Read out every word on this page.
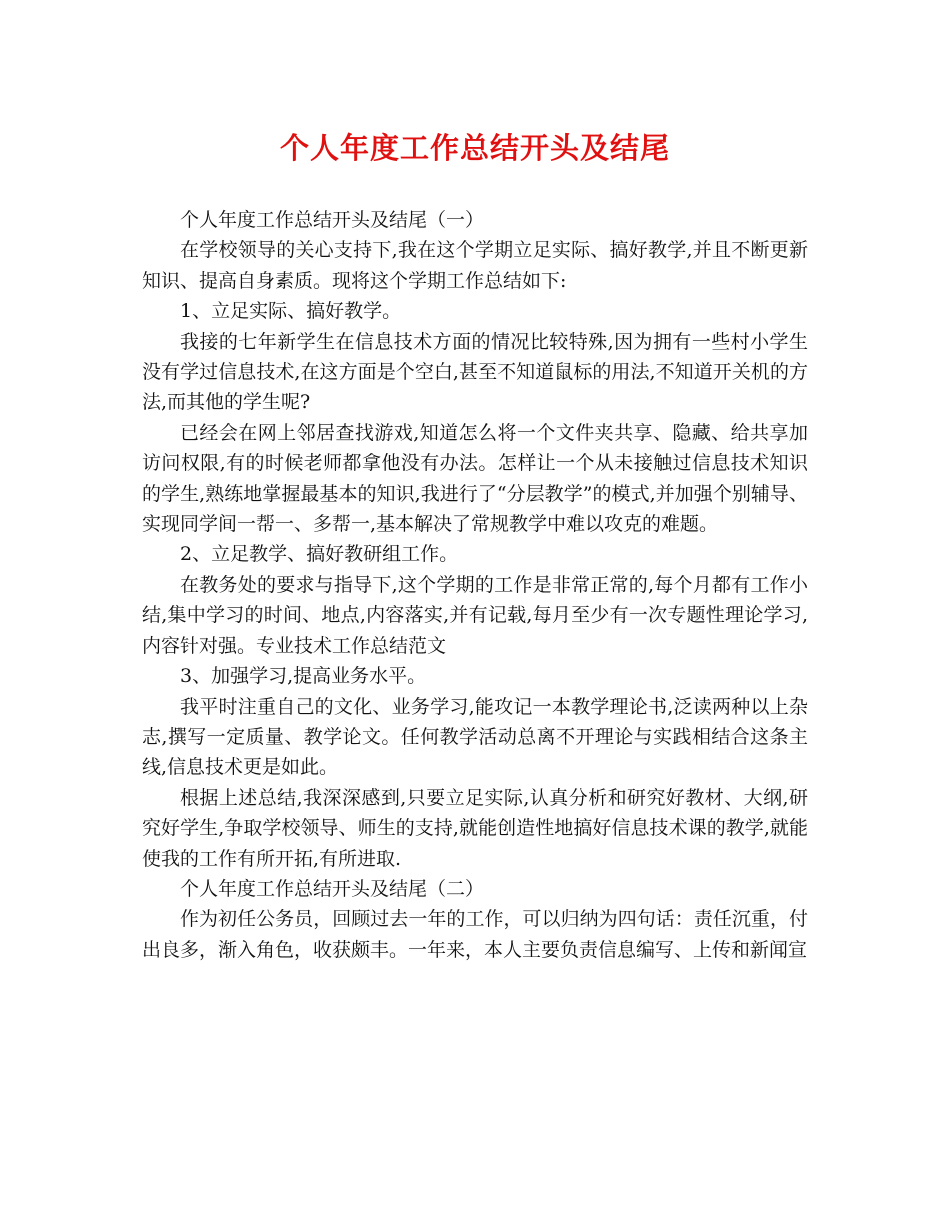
个人年度工作总结开头及结尾

个人年度工作总结开头及结尾（一）

在学校领导的关心支持下,我在这个学期立足实际、搞好教学,并且不断更新知识、提高自身素质。现将这个学期工作总结如下:

1、立足实际、搞好教学。

我接的七年新学生在信息技术方面的情况比较特殊,因为拥有一些村小学生没有学过信息技术,在这方面是个空白,甚至不知道鼠标的用法,不知道开关机的方法,而其他的学生呢?

已经会在网上邻居查找游戏,知道怎么将一个文件夹共享、隐藏、给共享加访问权限,有的时候老师都拿他没有办法。怎样让一个从未接触过信息技术知识的学生,熟练地掌握最基本的知识,我进行了“分层教学”的模式,并加强个别辅导、实现同学间一帮一、多帮一,基本解决了常规教学中难以攻克的难题。

2、立足教学、搞好教研组工作。

在教务处的要求与指导下,这个学期的工作是非常正常的,每个月都有工作小结,集中学习的时间、地点,内容落实,并有记载,每月至少有一次专题性理论学习,内容针对强。专业技术工作总结范文

3、加强学习,提高业务水平。

我平时注重自己的文化、业务学习,能攻记一本教学理论书,泛读两种以上杂志,撰写一定质量、教学论文。任何教学活动总离不开理论与实践相结合这条主线,信息技术更是如此。

根据上述总结,我深深感到,只要立足实际,认真分析和研究好教材、大纲,研究好学生,争取学校领导、师生的支持,就能创造性地搞好信息技术课的教学,就能使我的工作有所开拓,有所进取.

个人年度工作总结开头及结尾（二）

作为初任公务员，回顾过去一年的工作，可以归纳为四句话：责任沉重，付出良多，渐入角色，收获颇丰。一年来，本人主要负责信息编写、上传和新闻宣
